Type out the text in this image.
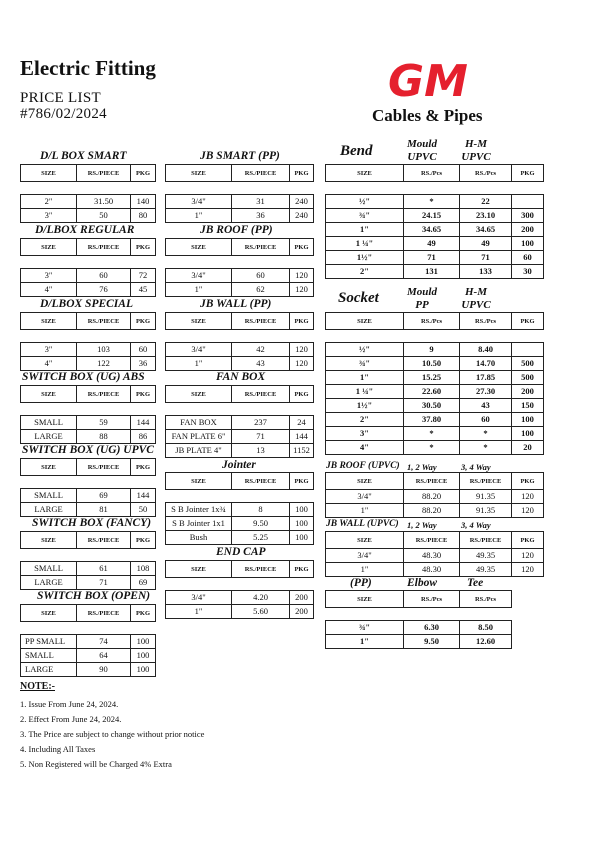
Electric Fitting
PRICE LIST
#786/02/2024
GM
Cables & Pipes
D/L BOX SMART
D/LBOX REGULAR
D/LBOX SPECIAL
SWITCH BOX (UG) ABS
SWITCH BOX (UG) UPVC
SWITCH BOX (FANCY)
SWITCH BOX (OPEN)
JB SMART (PP)
JB ROOF (PP)
JB WALL (PP)
FAN BOX
Jointer
END CAP
Bend	Mould
UPVC
H-M
UPVC
Socket	Mould
PP
H-M
UPVC
JB ROOF (UPVC) 1, 2 Way	3, 4 Way
JB WALL (UPVC) 1, 2 Way	3, 4 Way
(PP)	Elbow	Tee
SIZE	RS./PIECE	PKG

2"	31.50	140
3"	50	80
SIZE	RS./PIECE	PKG

3"	60	72
4"	76	45
SIZE	RS./PIECE	PKG

3"	103	60
4"	122	36
SIZE	RS./PIECE	PKG

SMALL	59	144
LARGE	88	86
SIZE	RS./PIECE	PKG

SMALL	69	144
LARGE	81	50
SIZE	RS./PIECE	PKG

SMALL	61	108
LARGE	71	69
SIZE	RS./PIECE	PKG

PP SMALL	74	100
SMALL	64	100
LARGE	90	100
SIZE	RS./PIECE	PKG

3/4"	31	240
1"	36	240
SIZE	RS./PIECE	PKG

3/4"	60	120
1"	62	120
SIZE	RS./PIECE	PKG

3/4"	42	120
1"	43	120
SIZE	RS./PIECE	PKG

FAN BOX	237	24
FAN PLATE 6"	71	144
JB PLATE 4"	13	1152
SIZE	RS./PIECE	PKG

S B Jointer 1x¾	8	100
S B Jointer 1x1	9.50	100
Bush	5.25	100
SIZE	RS./PIECE	PKG

3/4"	4.20	200
1"	5.60	200
SIZE	RS./Pcs	RS./Pcs	PKG

½"	*	22	
¾"	24.15	23.10	300
1"	34.65	34.65	200
1 ¼"	49	49	100
1½"	71	71	60
2"	131	133	30
SIZE	RS./Pcs	RS./Pcs	PKG

½"	9	8.40	
¾"	10.50	14.70	500
1"	15.25	17.85	500
1 ¼"	22.60	27.30	200
1½"	30.50	43	150
2"	37.80	60	100
3"	*	*	100
4"	*	*	20
SIZE	RS./PIECE	RS./PIECE	PKG
3/4"	88.20	91.35	120
1"	88.20	91.35	120
SIZE	RS./PIECE	RS./PIECE	PKG
3/4"	48.30	49.35	120
1"	48.30	49.35	120
SIZE	RS./Pcs	RS./Pcs

¾"	6.30	8.50
1"	9.50	12.60
NOTE:-
1. Issue From June 24, 2024.
2. Effect From June 24, 2024.
3. The Price are subject to change without prior notice
4. Including All Taxes
5. Non Registered will be Charged 4% Extra
